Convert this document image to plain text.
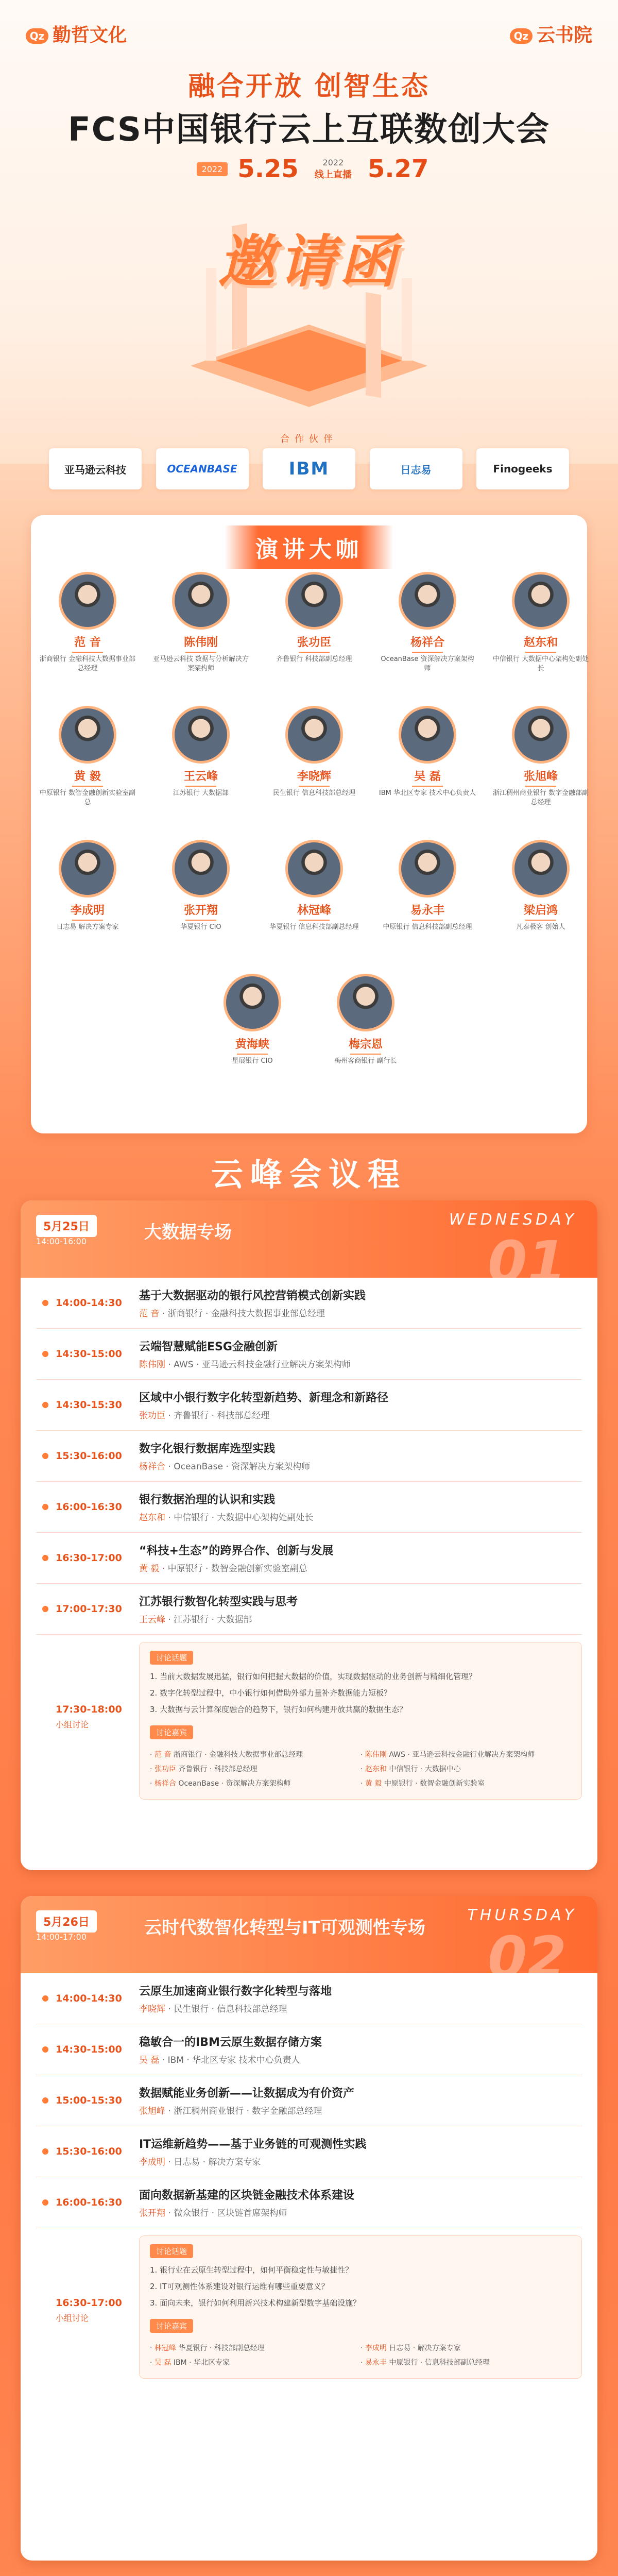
Qz 勤哲文化	Qz 云书院
融合开放 创智生态
FCS中国银行云上互联数创大会
2022 5.25	2022
线上直播 5.27
邀请函
合作伙伴
亚马逊云科技	OCEANBASE	IBM	日志易	Finogeeks
演讲大咖
范 音
浙商银行 金融科技大数据事业部总经理
陈伟刚
亚马逊云科技 数据与分析解决方案架构师
张功臣
齐鲁银行 科技部副总经理
杨祥合
OceanBase 资深解决方案架构师
赵东和
中信银行 大数据中心架构处副处长
黄 毅
中原银行 数智金融创新实验室副总
王云峰
江苏银行 大数据部
李晓辉
民生银行 信息科技部总经理
吴 磊
IBM 华北区专家 技术中心负责人
张旭峰
浙江稠州商业银行 数字金融部副总经理
李成明
日志易 解决方案专家
张开翔
华夏银行 CIO
林冠峰
华夏银行 信息科技部副总经理
易永丰
中原银行 信息科技部副总经理
梁启鸿
凡泰极客 创始人
黄海峡
星展银行 CIO
梅宗恩
梅州客商银行 副行长
云峰会议程
5月25日
14:00-16:00	大数据专场
WEDNESDAY
01
14:00-14:30
基于大数据驱动的银行风控营销模式创新实践
范 音 · 浙商银行 · 金融科技大数据事业部总经理
14:30-15:00
云端智慧赋能ESG金融创新
陈伟刚 · AWS · 亚马逊云科技金融行业解决方案架构师
14:30-15:30
区域中小银行数字化转型新趋势、新理念和新路径
张功臣 · 齐鲁银行 · 科技部总经理
15:30-16:00
数字化银行数据库选型实践
杨祥合 · OceanBase · 资深解决方案架构师
16:00-16:30
银行数据治理的认识和实践
赵东和 · 中信银行 · 大数据中心架构处副处长
16:30-17:00
“科技+生态”的跨界合作、创新与发展
黄 毅 · 中原银行 · 数智金融创新实验室副总
17:00-17:30
江苏银行数智化转型实践与思考
王云峰 · 江苏银行 · 大数据部
17:30-18:00
小组讨论
讨论话题
1. 当前大数据发展迅猛，银行如何把握大数据的价值，实现数据驱动的业务创新与精细化管理？
2. 数字化转型过程中，中小银行如何借助外部力量补齐数据能力短板？
3. 大数据与云计算深度融合的趋势下，银行如何构建开放共赢的数据生态？
讨论嘉宾
· 范 音 浙商银行 · 金融科技大数据事业部总经理	· 陈伟刚 AWS · 亚马逊云科技金融行业解决方案架构师
· 张功臣 齐鲁银行 · 科技部总经理	· 赵东和 中信银行 · 大数据中心
· 杨祥合 OceanBase · 资深解决方案架构师	· 黄 毅 中原银行 · 数智金融创新实验室
5月26日
14:00-17:00	云时代数智化转型与IT可观测性专场
THURSDAY
02
14:00-14:30
云原生加速商业银行数字化转型与落地
李晓辉 · 民生银行 · 信息科技部总经理
14:30-15:00
稳敏合一的IBM云原生数据存储方案
吴 磊 · IBM · 华北区专家 技术中心负责人
15:00-15:30
数据赋能业务创新——让数据成为有价资产
张旭峰 · 浙江稠州商业银行 · 数字金融部总经理
15:30-16:00
IT运维新趋势——基于业务链的可观测性实践
李成明 · 日志易 · 解决方案专家
16:00-16:30
面向数据新基建的区块链金融技术体系建设
张开翔 · 微众银行 · 区块链首席架构师
16:30-17:00
小组讨论
讨论话题
1. 银行业在云原生转型过程中，如何平衡稳定性与敏捷性？
2. IT可观测性体系建设对银行运维有哪些重要意义？
3. 面向未来，银行如何利用新兴技术构建新型数字基础设施？
讨论嘉宾
· 林冠峰 华夏银行 · 科技部副总经理	· 李成明 日志易 · 解决方案专家
· 吴 磊 IBM · 华北区专家	· 易永丰 中原银行 · 信息科技部副总经理
